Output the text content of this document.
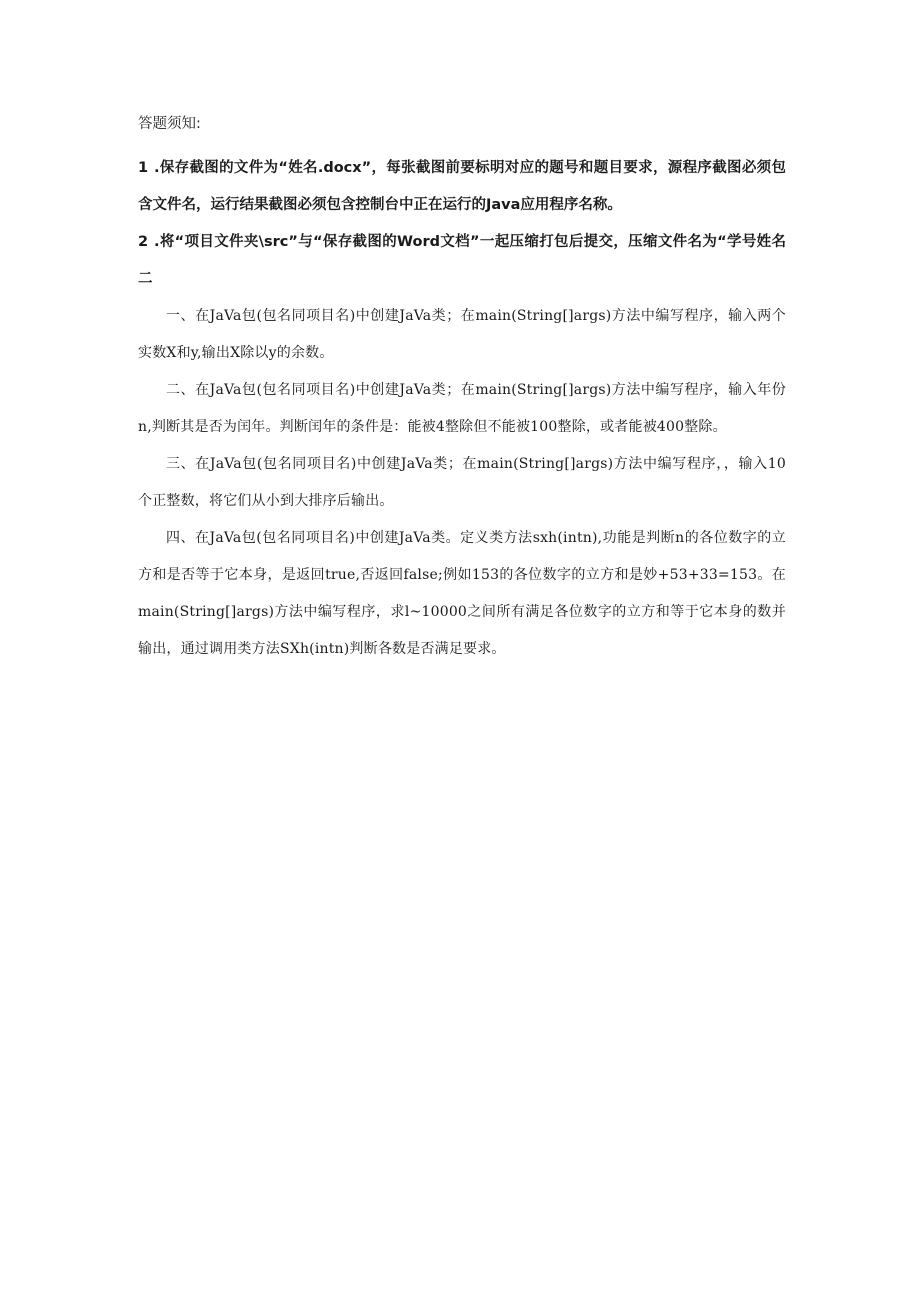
答题须知:

1 .保存截图的文件为“姓名.docx”，每张截图前要标明对应的题号和题目要求，源程序截图必须包含文件名，运行结果截图必须包含控制台中正在运行的Java应用程序名称。

2 .将“项目文件夹\src”与“保存截图的Word文档”一起压缩打包后提交，压缩文件名为“学号姓名二

一、在JaVa包(包名同项目名)中创建JaVa类；在main(String[]args)方法中编写程序，输入两个实数X和y,输出X除以y的余数。

二、在JaVa包(包名同项目名)中创建JaVa类；在main(String[]args)方法中编写程序，输入年份n,判断其是否为闰年。判断闰年的条件是：能被4整除但不能被100整除，或者能被400整除。

三、在JaVa包(包名同项目名)中创建JaVa类；在main(String[]args)方法中编写程序，，输入10个正整数，将它们从小到大排序后输出。

四、在JaVa包(包名同项目名)中创建JaVa类。定义类方法sxh(intn),功能是判断n的各位数字的立方和是否等于它本身，是返回true,否返回false;例如153的各位数字的立方和是妙+53+33=153。在main(String[]args)方法中编写程序，求l~10000之间所有满足各位数字的立方和等于它本身的数并输出，通过调用类方法SXh(intn)判断各数是否满足要求。
